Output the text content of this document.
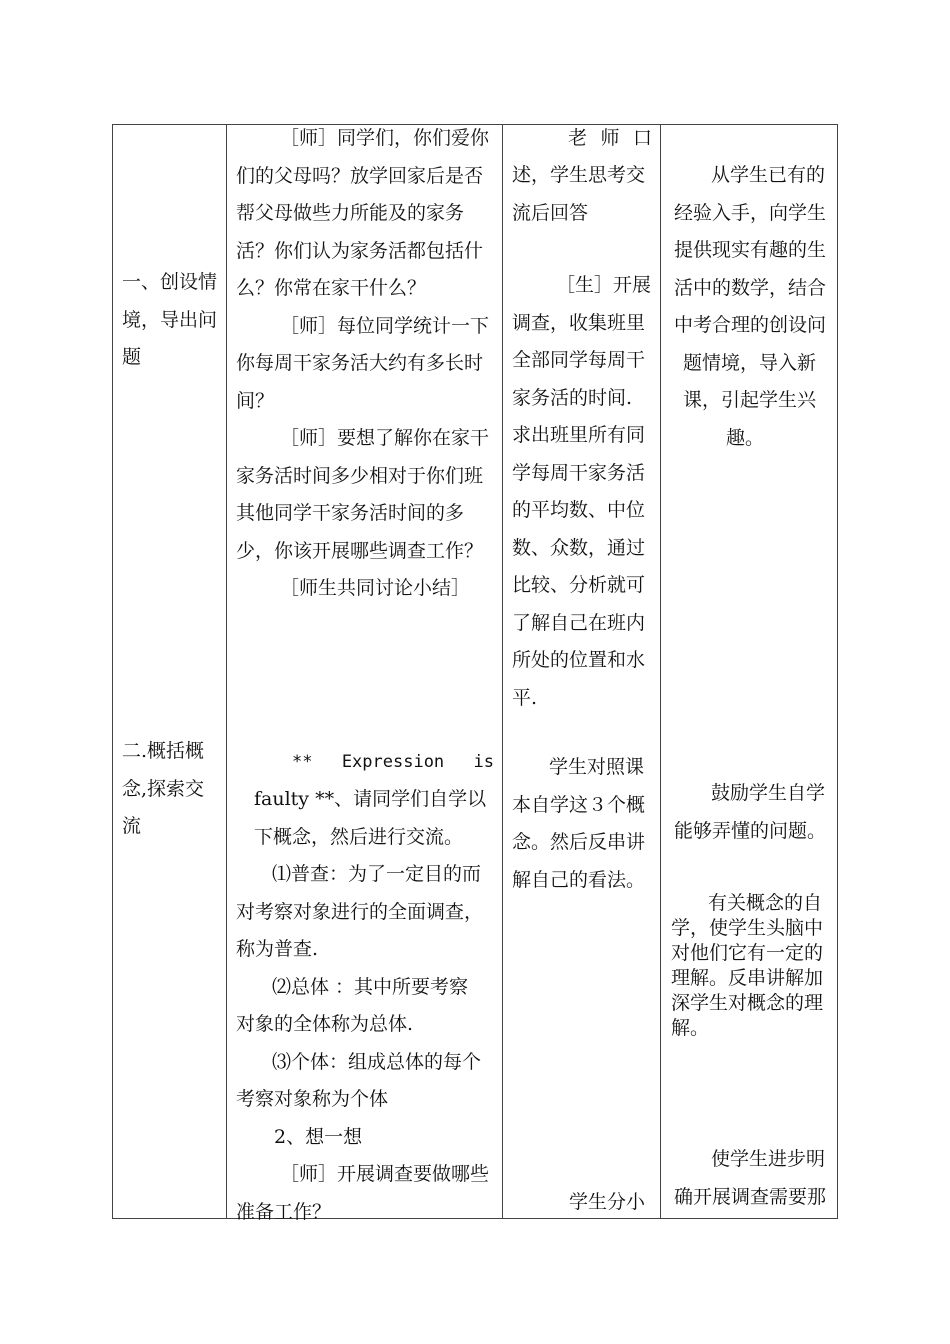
一、创设情
境，导出问
题
二.概括概
念,探索交
流
［师］同学们，你们爱你
们的父母吗？放学回家后是否
帮父母做些力所能及的家务
活？你们认为家务活都包括什
么？你常在家干什么？
［师］每位同学统计一下
你每周干家务活大约有多长时
间？
［师］要想了解你在家干
家务活时间多少相对于你们班
其他同学干家务活时间的多
少，你该开展哪些调查工作？
［师生共同讨论小结］
** Expression is
faulty **、请同学们自学以
下概念，然后进行交流。
⑴普查：为了一定目的而
对考察对象进行的全面调查，
称为普查.
⑵总体 ：其中所要考察
对象的全体称为总体.
⑶个体：组成总体的每个
考察对象称为个体
2、想一想
［师］开展调查要做哪些
准备工作？
老 师 口
述，学生思考交
流后回答
［生］开展
调查，收集班里
全部同学每周干
家务活的时间.
求出班里所有同
学每周干家务活
的平均数、中位
数、众数，通过
比较、分析就可
了解自己在班内
所处的位置和水
平.
学生对照课
本自学这３个概
念。然后反串讲
解自己的看法。
学生分小
从学生已有的
经验入手，向学生
提供现实有趣的生
活中的数学，结合
中考合理的创设问
题情境，导入新
课，引起学生兴
趣。
鼓励学生自学
能够弄懂的问题。
有关概念的自
学，使学生头脑中
对他们它有一定的
理解。反串讲解加
深学生对概念的理
解。
使学生进步明
确开展调查需要那
